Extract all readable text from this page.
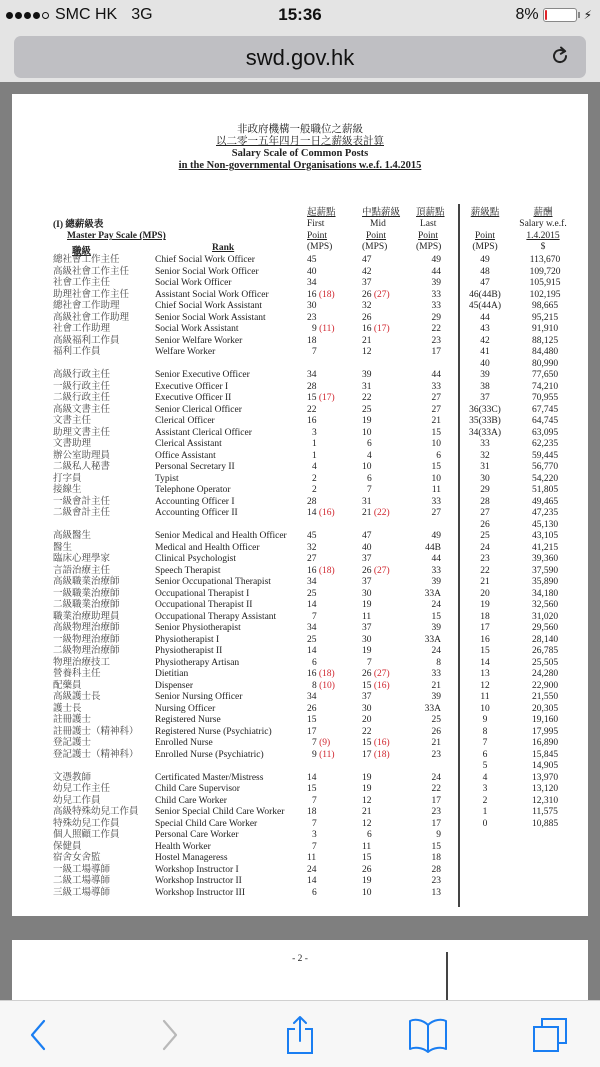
SMC HK 3G	15:36	8%	⚡︎
swd.gov.hk
非政府機構一般職位之薪級
以二零一五年四月一日之薪級表計算
Salary Scale of Common Posts
in the Non-governmental Organisations w.e.f. 1.4.2015
起薪點
First
Point
(MPS)
中點薪級
Mid
Point
(MPS)
頂薪點
Last
Point
(MPS)
薪級點

Point
(MPS)
薪酬
Salary w.e.f.
1.4.2015
$
(I) 總薪級表
Master Pay Scale (MPS)
職級	Rank
總社會工作主任	Chief Social Work Officer	45	47	49
高級社會工作主任	Senior Social Work Officer	40	42	44
社會工作主任	Social Work Officer	34	37	39
助理社會工作主任	Assistant Social Work Officer	16 (18)	26 (27)	33
總社會工作助理	Chief Social Work Assistant	30	32	33
高級社會工作助理	Senior Social Work Assistant	23	26	29
社會工作助理	Social Work Assistant	9 (11)	16 (17)	22
高級福利工作員	Senior Welfare Worker	18	21	23
福利工作員	Welfare Worker	7	12	17
高級行政主任	Senior Executive Officer	34	39	44
一級行政主任	Executive Officer I	28	31	33
二級行政主任	Executive Officer II	15 (17)	22	27
高級文書主任	Senior Clerical Officer	22	25	27
文書主任	Clerical Officer	16	19	21
助理文書主任	Assistant Clerical Officer	3	10	15
文書助理	Clerical Assistant	1	6	10
辦公室助理員	Office Assistant	1	4	6
二級私人秘書	Personal Secretary II	4	10	15
打字員	Typist	2	6	10
接線生	Telephone Operator	2	7	11
一級會計主任	Accounting Officer I	28	31	33
二級會計主任	Accounting Officer II	14 (16)	21 (22)	27
高級醫生	Senior Medical and Health Officer 45	47	49
醫生	Medical and Health Officer	32	40	44B
臨床心理學家	Clinical Psychologist	27	37	44
言語治療主任	Speech Therapist	16 (18)	26 (27)	33
高級職業治療師	Senior Occupational Therapist	34	37	39
一級職業治療師	Occupational Therapist I	25	30	33A
二級職業治療師	Occupational Therapist II	14	19	24
職業治療助理員	Occupational Therapy Assistant	7	11	15
高級物理治療師	Senior Physiotherapist	34	37	39
一級物理治療師	Physiotherapist I	25	30	33A
二級物理治療師	Physiotherapist II	14	19	24
物理治療技工	Physiotherapy Artisan	6	7	8
營養科主任	Dietitian	16 (18)	26 (27)	33
配藥員	Dispenser	8 (10)	15 (16)	21
高級護士長	Senior Nursing Officer	34	37	39
護士長	Nursing Officer	26	30	33A
註冊護士	Registered Nurse	15	20	25
註冊護士（精神科） Registered Nurse (Psychiatric)	17	22	26
登記護士	Enrolled Nurse	7 (9)	15 (16)	21
登記護士（精神科） Enrolled Nurse (Psychiatric)	9 (11)	17 (18)	23
文憑教師	Certificated Master/Mistress	14	19	24
幼兒工作主任	Child Care Supervisor	15	19	22
幼兒工作員	Child Care Worker	7	12	17
高級特殊幼兒工作員 Senior Special Child Care Worker 18	21	23
特殊幼兒工作員	Special Child Care Worker	7	12	17
個人照顧工作員	Personal Care Worker	3	6	9
保健員	Health Worker	7	11	15
宿舍女舍監	Hostel Manageress	11	15	18
一級工場導師	Workshop Instructor I	24	26	28
二級工場導師	Workshop Instructor II	14	19	23
三級工場導師	Workshop Instructor III	6	10	13
49	113,670
48	109,720
47	105,915
46(44B)	102,195
45(44A)	98,665
44	95,215
43	91,910
42	88,125
41	84,480
40	80,990
39	77,650
38	74,210
37	70,955
36(33C)	67,745
35(33B)	64,745
34(33A)	63,095
33	62,235
32	59,445
31	56,770
30	54,220
29	51,805
28	49,465
27	47,235
26	45,130
25	43,105
24	41,215
23	39,360
22	37,590
21	35,890
20	34,180
19	32,560
18	31,020
17	29,560
16	28,140
15	26,785
14	25,505
13	24,280
12	22,900
11	21,550
10	20,305
9	19,160
8	17,995
7	16,890
6	15,845
5	14,905
4	13,970
3	13,120
2	12,310
1	11,575
0	10,885
- 2 -
